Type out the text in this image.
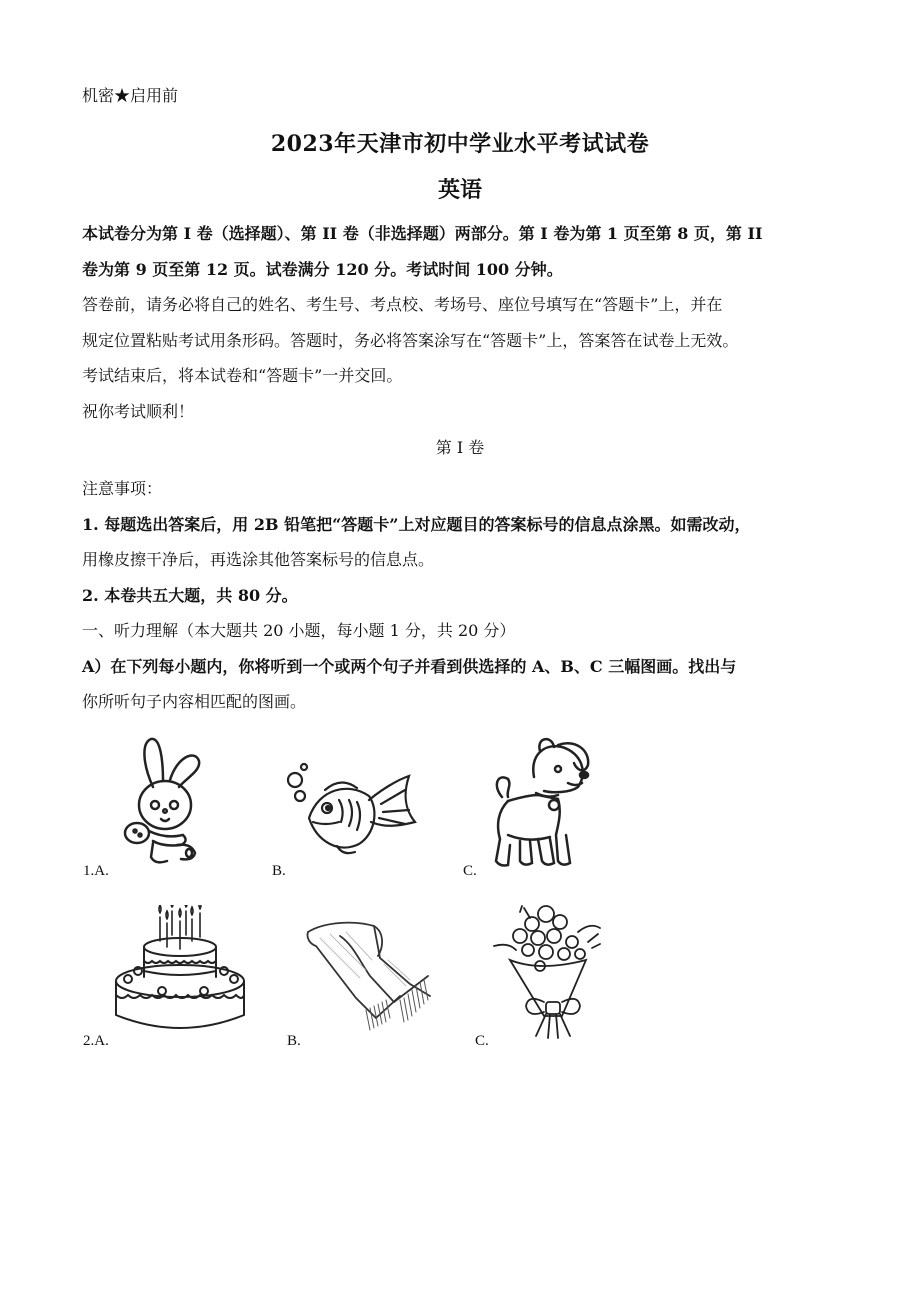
机密★启用前
2023年天津市初中学业水平考试试卷
英语
本试卷分为第 I 卷（选择题）、第 II 卷（非选择题）两部分。第 I 卷为第 1 页至第 8 页，第 II
卷为第 9 页至第 12 页。试卷满分 120 分。考试时间 100 分钟。
答卷前，请务必将自己的姓名、考生号、考点校、考场号、座位号填写在“答题卡”上，并在
规定位置粘贴考试用条形码。答题时，务必将答案涂写在“答题卡”上，答案答在试卷上无效。
考试结束后，将本试卷和“答题卡”一并交回。
祝你考试顺利！
第 I 卷
注意事项：
1. 每题选出答案后，用 2B 铅笔把“答题卡”上对应题目的答案标号的信息点涂黑。如需改动，
用橡皮擦干净后，再选涂其他答案标号的信息点。
2. 本卷共五大题，共 80 分。
一、听力理解（本大题共 20 小题，每小题 1 分，共 20 分）
A）在下列每小题内，你将听到一个或两个句子并看到供选择的 A、B、C 三幅图画。找出与
你所听句子内容相匹配的图画。
1.A.	B.	C.
2.A.	B.	C.
